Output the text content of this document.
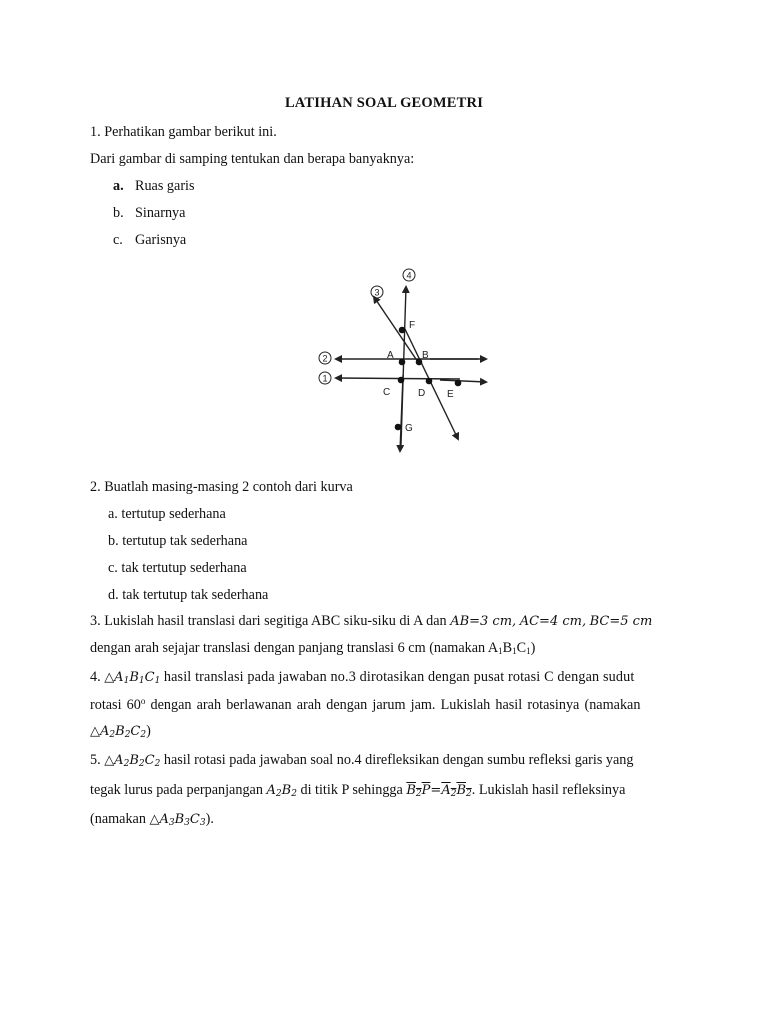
LATIHAN SOAL GEOMETRI
1. Perhatikan gambar berikut ini.
Dari gambar di samping tentukan dan berapa banyaknya:
a. Ruas garis
b. Sinarnya
c. Garisnya
F
A	B
C	D E
G
1
2
3
4
2. Buatlah masing-masing 2 contoh dari kurva
a. tertutup sederhana
b. tertutup tak sederhana
c. tak tertutup sederhana
d. tak tertutup tak sederhana
3. Lukislah hasil translasi dari segitiga ABC siku-siku di A dan AB=3 cm, AC=4 cm, BC=5 cm
dengan arah sejajar translasi dengan panjang translasi 6 cm (namakan $A_1B_1C_1$)
4. $\triangle A_1B_1C_1$ hasil translasi pada jawaban no.3 dirotasikan dengan pusat rotasi C dengan sudut
rotasi 60$^o$ dengan arah berlawanan arah dengan jarum jam. Lukislah hasil rotasinya (namakan
$\triangle A_2B_2C_2$)
5. $\triangle A_2B_2C_2$ hasil rotasi pada jawaban soal no.4 direfleksikan dengan sumbu refleksi garis yang
tegak lurus pada perpanjangan $A_2B_2$ di titik P sehingga $B_2P=A_2B_2$. Lukislah hasil refleksinya
(namakan $\triangle A_3B_3C_3$).
